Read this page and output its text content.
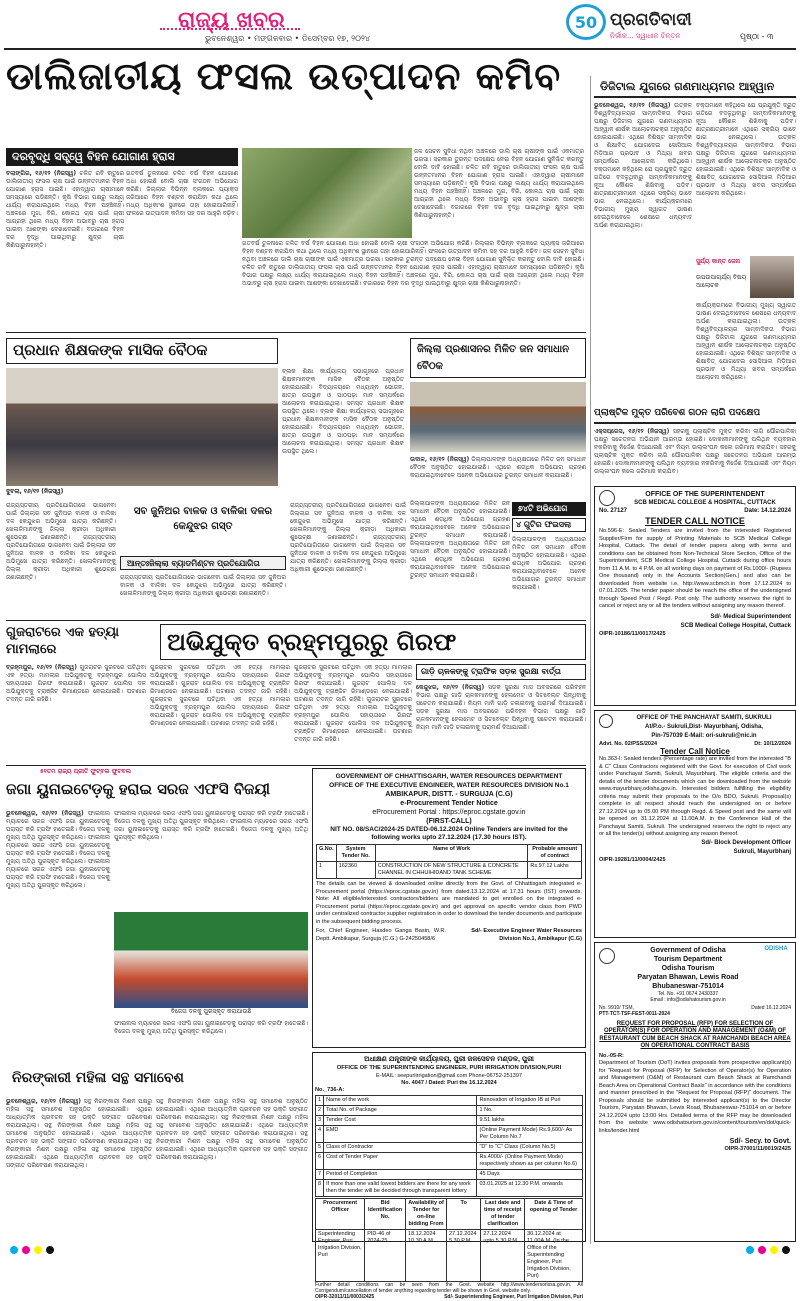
ରାଜ୍ୟ ଖବର
ଭୁବନେଶ୍ୱର • ମଙ୍ଗଳବାର • ଡିସେମ୍ବର ୧୭, ୨୦୨୪
50 ପ୍ରଗତିବାଦୀ
ନିର୍ଭୀକ... ସ୍ୱାଧୀନ ଚିନ୍ତନ	ପୃଷ୍ଠା - ୩
ଡାଲିଜାତୀୟ ଫସଲ ଉତ୍ପାଦନ କମିବ
ଦରବୃଦ୍ଧି ସତ୍ତ୍ୱେ ବିହନ ଯୋଗାଣ ହ୍ରାସ
ବଲାଙ୍ଗିର, ୧୬/୧୨ (ନିଜସ୍ୱ) ଚଳିତ ରବି ଋତୁରେ ଡାଲିଜାତୀୟ ଫସଲ ଚାଷ ପାଇଁ ଉନ୍ନତମାନର ବିହନ ଯୋଗାଣ ହ୍ରାସ ପାଇଛି। ଏହାଦ୍ୱାରା ଚାଷୀମାନେ ସମସ୍ୟାରେ ପଡ଼ିଛନ୍ତି। କୃଷି ବିଭାଗ ପକ୍ଷରୁ ଲକ୍ଷ୍ୟ ଧାର୍ଯ୍ୟ କରାଯାଇଥିଲେ ମଧ୍ୟ ବିହନ ପହଞ୍ଚିନାହିଁ। ଅଞ୍ଚଳରେ ମୁଗ, ବିରି, କୋଳଥ ଚାଷ ପାଇଁ ଚାଷୀ ଆଗ୍ରହୀ ଥିଲେ ମଧ୍ୟ ବିହନ ଅଭାବରୁ ଚାଷ ହ୍ରାସ ପାଇବା ଆଶଙ୍କା ଦେଖାଦେଇଛି। ବଜାରରେ ବିହନ ଦର ବୃଦ୍ଧି ପାଇଥିବାରୁ କ୍ଷୁଦ୍ର ଚାଷୀ କିଣିପାରୁନାହାନ୍ତି।
ଗତବର୍ଷ ତୁଳନାରେ ଚଳିତ ବର୍ଷ ବିହନ ଯୋଗାଣ ଅଧା ହୋଇଛି ବୋଲି ଚାଷୀ ସଂଗଠନ ଅଭିଯୋଗ କରିଛି। ଜିଲ୍ଲାର ବିଭିନ୍ନ ବ୍ଲକରେ ପ୍ୟାକ୍ସ ଜରିଆରେ ବିହନ ବଣ୍ଟନ କରାଯିବା କଥା ଥିଲେ ମଧ୍ୟ ଅଧିକାଂଶ ସ୍ଥାନରେ ତାହା ହୋଇପାରିନାହିଁ। ଫଳରେ ଉତ୍ପାଦନ କମିବା ସହ ଦର ଆହୁରି ବଢ଼ିବ।
ଜଳ ସେଚନ ସୁବିଧା ନଥିବା ଅଞ୍ଚଳରେ ଡାଲି ଚାଷ ଚାଷୀଙ୍କ ପାଇଁ ଏକମାତ୍ର ଭରସା। ସରକାର ତୁରନ୍ତ ପଦକ୍ଷେପ ନେଇ ବିହନ ଯୋଗାଣ ସୁନିଶ୍ଚିତ କରନ୍ତୁ ବୋଲି ଦାବି ହୋଇଛି। ଚଳିତ ରବି ଋତୁରେ ଡାଲିଜାତୀୟ ଫସଲ ଚାଷ ପାଇଁ ଉନ୍ନତମାନର ବିହନ ଯୋଗାଣ ହ୍ରାସ ପାଇଛି। ଏହାଦ୍ୱାରା ଚାଷୀମାନେ ସମସ୍ୟାରେ ପଡ଼ିଛନ୍ତି। କୃଷି ବିଭାଗ ପକ୍ଷରୁ ଲକ୍ଷ୍ୟ ଧାର୍ଯ୍ୟ କରାଯାଇଥିଲେ ମଧ୍ୟ ବିହନ ପହଞ୍ଚିନାହିଁ। ଅଞ୍ଚଳରେ ମୁଗ, ବିରି, କୋଳଥ ଚାଷ ପାଇଁ ଚାଷୀ ଆଗ୍ରହୀ ଥିଲେ ମଧ୍ୟ ବିହନ ଅଭାବରୁ ଚାଷ ହ୍ରାସ ପାଇବା ଆଶଙ୍କା ଦେଖାଦେଇଛି। ବଜାରରେ ବିହନ ଦର ବୃଦ୍ଧି ପାଇଥିବାରୁ କ୍ଷୁଦ୍ର ଚାଷୀ କିଣିପାରୁନାହାନ୍ତି।
ଗତବର୍ଷ ତୁଳନାରେ ଚଳିତ ବର୍ଷ ବିହନ ଯୋଗାଣ ଅଧା ହୋଇଛି ବୋଲି ଚାଷୀ ସଂଗଠନ ଅଭିଯୋଗ କରିଛି। ଜିଲ୍ଲାର ବିଭିନ୍ନ ବ୍ଲକରେ ପ୍ୟାକ୍ସ ଜରିଆରେ ବିହନ ବଣ୍ଟନ କରାଯିବା କଥା ଥିଲେ ମଧ୍ୟ ଅଧିକାଂଶ ସ୍ଥାନରେ ତାହା ହୋଇପାରିନାହିଁ। ଫଳରେ ଉତ୍ପାଦନ କମିବା ସହ ଦର ଆହୁରି ବଢ଼ିବ। ଜଳ ସେଚନ ସୁବିଧା ନଥିବା ଅଞ୍ଚଳରେ ଡାଲି ଚାଷ ଚାଷୀଙ୍କ ପାଇଁ ଏକମାତ୍ର ଭରସା। ସରକାର ତୁରନ୍ତ ପଦକ୍ଷେପ ନେଇ ବିହନ ଯୋଗାଣ ସୁନିଶ୍ଚିତ କରନ୍ତୁ ବୋଲି ଦାବି ହୋଇଛି। ଚଳିତ ରବି ଋତୁରେ ଡାଲିଜାତୀୟ ଫସଲ ଚାଷ ପାଇଁ ଉନ୍ନତମାନର ବିହନ ଯୋଗାଣ ହ୍ରାସ ପାଇଛି। ଏହାଦ୍ୱାରା ଚାଷୀମାନେ ସମସ୍ୟାରେ ପଡ଼ିଛନ୍ତି। କୃଷି ବିଭାଗ ପକ୍ଷରୁ ଲକ୍ଷ୍ୟ ଧାର୍ଯ୍ୟ କରାଯାଇଥିଲେ ମଧ୍ୟ ବିହନ ପହଞ୍ଚିନାହିଁ। ଅଞ୍ଚଳରେ ମୁଗ, ବିରି, କୋଳଥ ଚାଷ ପାଇଁ ଚାଷୀ ଆଗ୍ରହୀ ଥିଲେ ମଧ୍ୟ ବିହନ ଅଭାବରୁ ଚାଷ ହ୍ରାସ ପାଇବା ଆଶଙ୍କା ଦେଖାଦେଇଛି। ବଜାରରେ ବିହନ ଦର ବୃଦ୍ଧି ପାଇଥିବାରୁ କ୍ଷୁଦ୍ର ଚାଷୀ କିଣିପାରୁନାହାନ୍ତି।
ଡିଜିଟାଲ ଯୁଗରେ ଗଣମାଧ୍ୟମର ଆହ୍ୱାନ
ଭୁବନେଶ୍ୱର, ୧୬/୧୨ (ନିଜସ୍ୱ) ଉତ୍କଳ ବିଶ୍ୱବିଦ୍ୟାଳୟର ସାମ୍ବାଦିକତା ବିଭାଗ ପକ୍ଷରୁ ଡିଜିଟାଲ ଯୁଗରେ ଗଣମାଧ୍ୟମର ଆହ୍ୱାନ ଶୀର୍ଷକ ଆଲୋଚନାଚକ୍ର ଅନୁଷ୍ଠିତ ହୋଇଯାଇଛି। ଏଥିରେ ବିଶିଷ୍ଟ ସାମ୍ବାଦିକ ଓ ଶିକ୍ଷାବିତ୍ ଯୋଗଦେଇ ସୋସିଆଲ ମିଡ଼ିଆର ପ୍ରଭାବ ଓ ମିଥ୍ୟା ଖବର ସମ୍ପର୍କରେ ଆଲୋଚନା କରିଥିଲେ। ବକ୍ତାମାନେ କହିଥିଲେ ଯେ ପ୍ରଯୁକ୍ତି ଦ୍ରୁତ ଗତିରେ ବଦଳୁଥିବାରୁ ସାମ୍ବାଦିକମାନଙ୍କୁ ନୂଆ କୌଶଳ ଶିଖିବାକୁ ପଡ଼ିବ। ଛାତ୍ରଛାତ୍ରୀମାନେ ଏଥିରେ ସକ୍ରିୟ ଭାବେ ଭାଗ ନେଇଥିଲେ। କାର୍ଯ୍ୟକ୍ରମରେ ବିଭାଗୀୟ ମୁଖ୍ୟ ସ୍ୱାଗତ ଭାଷଣ ଦେଇଥିବାବେଳେ ଶେଷରେ ଧନ୍ୟବାଦ ଅର୍ପଣ କରାଯାଇଥିଲା।
ବକ୍ତାମାନେ କହିଥିଲେ ଯେ ପ୍ରଯୁକ୍ତି ଦ୍ରୁତ ଗତିରେ ବଦଳୁଥିବାରୁ ସାମ୍ବାଦିକମାନଙ୍କୁ ନୂଆ କୌଶଳ ଶିଖିବାକୁ ପଡ଼ିବ। ଛାତ୍ରଛାତ୍ରୀମାନେ ଏଥିରେ ସକ୍ରିୟ ଭାବେ ଭାଗ ନେଇଥିଲେ।	ଉତ୍କଳ ବିଶ୍ୱବିଦ୍ୟାଳୟର ସାମ୍ବାଦିକତା ବିଭାଗ ପକ୍ଷରୁ ଡିଜିଟାଲ ଯୁଗରେ ଗଣମାଧ୍ୟମର ଆହ୍ୱାନ ଶୀର୍ଷକ ଆଲୋଚନାଚକ୍ର ଅନୁଷ୍ଠିତ ହୋଇଯାଇଛି। ଏଥିରେ ବିଶିଷ୍ଟ ସାମ୍ବାଦିକ ଓ ଶିକ୍ଷାବିତ୍ ଯୋଗଦେଇ ସୋସିଆଲ ମିଡ଼ିଆର ପ୍ରଭାବ ଓ ମିଥ୍ୟା ଖବର ସମ୍ପର୍କରେ ଆଲୋଚନା କରିଥିଲେ।
ସୁର୍ଯ୍ୟ କାନ୍ତ ଜେନା
ଉପଉପାଚାର୍ଯ୍ୟ ବିଷୟ ଆଲୋଚକ
କାର୍ଯ୍ୟକ୍ରମରେ ବିଭାଗୀୟ ମୁଖ୍ୟ ସ୍ୱାଗତ ଭାଷଣ ଦେଇଥିବାବେଳେ ଶେଷରେ ଧନ୍ୟବାଦ ଅର୍ପଣ କରାଯାଇଥିଲା।	ଉତ୍କଳ ବିଶ୍ୱବିଦ୍ୟାଳୟର ସାମ୍ବାଦିକତା ବିଭାଗ ପକ୍ଷରୁ ଡିଜିଟାଲ ଯୁଗରେ ଗଣମାଧ୍ୟମର ଆହ୍ୱାନ ଶୀର୍ଷକ ଆଲୋଚନାଚକ୍ର ଅନୁଷ୍ଠିତ ହୋଇଯାଇଛି। ଏଥିରେ ବିଶିଷ୍ଟ ସାମ୍ବାଦିକ ଓ ଶିକ୍ଷାବିତ୍ ଯୋଗଦେଇ ସୋସିଆଲ ମିଡ଼ିଆର ପ୍ରଭାବ ଓ ମିଥ୍ୟା ଖବର ସମ୍ପର୍କରେ ଆଲୋଚନା କରିଥିଲେ।
ପ୍ରଧାନ ଶିକ୍ଷକଙ୍କ ମାସିକ ବୈଠକ
ଦୁବଲା, ୧୬/୧୨ (ନିଜସ୍ୱ)
ବ୍ଲକ ଶିକ୍ଷା କାର୍ଯ୍ୟାଳୟ ସଭାଗୃହରେ ପ୍ରଧାନ ଶିକ୍ଷକମାନଙ୍କ ମାସିକ ବୈଠକ ଅନୁଷ୍ଠିତ ହୋଇଯାଇଛି। ବିଦ୍ୟାଳୟରେ ମଧ୍ୟାହ୍ନ ଭୋଜନ, ଛାତ୍ର ଉପସ୍ଥାନ ଓ ପାଠପଢ଼ା ମାନ ସମ୍ପର୍କରେ ଆଲୋଚନା କରାଯାଇଥିଲା। ସମସ୍ତ ପ୍ରଧାନ ଶିକ୍ଷକ ଉପସ୍ଥିତ ଥିଲେ। ବ୍ଲକ ଶିକ୍ଷା କାର୍ଯ୍ୟାଳୟ ସଭାଗୃହରେ ପ୍ରଧାନ ଶିକ୍ଷକମାନଙ୍କ ମାସିକ ବୈଠକ ଅନୁଷ୍ଠିତ ହୋଇଯାଇଛି। ବିଦ୍ୟାଳୟରେ ମଧ୍ୟାହ୍ନ ଭୋଜନ, ଛାତ୍ର ଉପସ୍ଥାନ ଓ ପାଠପଢ଼ା ମାନ ସମ୍ପର୍କରେ ଆଲୋଚନା କରାଯାଇଥିଲା। ସମସ୍ତ ପ୍ରଧାନ ଶିକ୍ଷକ ଉପସ୍ଥିତ ଥିଲେ।
ଜିଲ୍ଲା ପ୍ରଶାସନର ମିଳିତ ଜନ ସମାଧାନ ବୈଠକ
ଉଦାଳ, ୧୬/୧୨ (ନିଜସ୍ୱ) ଜିଲ୍ଲାପାଳଙ୍କ ଅଧ୍ୟକ୍ଷତାରେ ମିଳିତ ଜନ ସମାଧାନ ବୈଠକ ଅନୁଷ୍ଠିତ ହୋଇଯାଇଛି। ଏଥିରେ ଶତାଧିକ ଅଭିଯୋଗ ଗ୍ରହଣ କରାଯାଇଥିବାବେଳେ ଅନେକ ଅଭିଯୋଗର ତୁରନ୍ତ ସମାଧାନ କରାଯାଇଛି।
ଜିଲ୍ଲାପାଳଙ୍କ ଅଧ୍ୟକ୍ଷତାରେ ମିଳିତ ଜନ ସମାଧାନ ବୈଠକ ଅନୁଷ୍ଠିତ ହୋଇଯାଇଛି। ଏଥିରେ ଶତାଧିକ ଅଭିଯୋଗ ଗ୍ରହଣ କରାଯାଇଥିବାବେଳେ ଅନେକ ଅଭିଯୋଗର ତୁରନ୍ତ ସମାଧାନ କରାଯାଇଛି। ଜିଲ୍ଲାପାଳଙ୍କ ଅଧ୍ୟକ୍ଷତାରେ ମିଳିତ ଜନ ସମାଧାନ ବୈଠକ ଅନୁଷ୍ଠିତ ହୋଇଯାଇଛି। ଏଥିରେ ଶତାଧିକ ଅଭିଯୋଗ ଗ୍ରହଣ କରାଯାଇଥିବାବେଳେ ଅନେକ ଅଭିଯୋଗର ତୁରନ୍ତ ସମାଧାନ କରାଯାଇଛି।
୭୪ଟି ଅଭିଯୋଗ
୪ ଗୁଟିର ଫଇସଲା
ଜିଲ୍ଲାପାଳଙ୍କ ଅଧ୍ୟକ୍ଷତାରେ ମିଳିତ ଜନ ସମାଧାନ ବୈଠକ ଅନୁଷ୍ଠିତ ହୋଇଯାଇଛି। ଏଥିରେ ଶତାଧିକ ଅଭିଯୋଗ ଗ୍ରହଣ କରାଯାଇଥିବାବେଳେ ଅନେକ ଅଭିଯୋଗର ତୁରନ୍ତ ସମାଧାନ କରାଯାଇଛି।
ରାଜ୍ୟସ୍ତରୀୟ ପ୍ରତିଯୋଗିତାରେ ଭାଗନେବା ପାଇଁ ଜିଲ୍ଲାର ସବ ଜୁନିଅର ବାଳକ ଓ ବାଳିକା ଦଳ କେନ୍ଦୁଝର ଅଭିମୁଖେ ଯାତ୍ରା କରିଛନ୍ତି। ଖେଳାଳିମାନଙ୍କୁ ଜିଲ୍ଲା କ୍ରୀଡ଼ା ଅଧିକାରୀ ଶୁଭେଚ୍ଛା ଜଣାଇଛନ୍ତି। ରାଜ୍ୟସ୍ତରୀୟ ପ୍ରତିଯୋଗିତାରେ ଭାଗନେବା ପାଇଁ ଜିଲ୍ଲାର ସବ ଜୁନିଅର ବାଳକ ଓ ବାଳିକା ଦଳ କେନ୍ଦୁଝର ଅଭିମୁଖେ ଯାତ୍ରା କରିଛନ୍ତି। ଖେଳାଳିମାନଙ୍କୁ ଜିଲ୍ଲା କ୍ରୀଡ଼ା ଅଧିକାରୀ ଶୁଭେଚ୍ଛା ଜଣାଇଛନ୍ତି।
ସବ ଜୁନିଅର ବାଳକ ଓ ବାଳିକା ଦଳର କେନ୍ଦୁଝର ଗସ୍ତ
ଆନ୍ତଃଜିଲ୍ଲା ବ୍ୟାଡମିଣ୍ଟନ ପ୍ରତିଯୋଗିତା
ରାଜ୍ୟସ୍ତରୀୟ ପ୍ରତିଯୋଗିତାରେ ଭାଗନେବା ପାଇଁ ଜିଲ୍ଲାର ସବ ଜୁନିଅର ବାଳକ ଓ ବାଳିକା ଦଳ କେନ୍ଦୁଝର ଅଭିମୁଖେ ଯାତ୍ରା କରିଛନ୍ତି। ଖେଳାଳିମାନଙ୍କୁ ଜିଲ୍ଲା କ୍ରୀଡ଼ା ଅଧିକାରୀ ଶୁଭେଚ୍ଛା ଜଣାଇଛନ୍ତି।
ରାଜ୍ୟସ୍ତରୀୟ ପ୍ରତିଯୋଗିତାରେ ଭାଗନେବା ପାଇଁ ଜିଲ୍ଲାର ସବ ଜୁନିଅର ବାଳକ ଓ ବାଳିକା ଦଳ କେନ୍ଦୁଝର ଅଭିମୁଖେ ଯାତ୍ରା କରିଛନ୍ତି। ଖେଳାଳିମାନଙ୍କୁ ଜିଲ୍ଲା କ୍ରୀଡ଼ା ଅଧିକାରୀ ଶୁଭେଚ୍ଛା ଜଣାଇଛନ୍ତି।	ରାଜ୍ୟସ୍ତରୀୟ ପ୍ରତିଯୋଗିତାରେ ଭାଗନେବା ପାଇଁ ଜିଲ୍ଲାର ସବ ଜୁନିଅର ବାଳକ ଓ ବାଳିକା ଦଳ କେନ୍ଦୁଝର ଅଭିମୁଖେ ଯାତ୍ରା କରିଛନ୍ତି। ଖେଳାଳିମାନଙ୍କୁ ଜିଲ୍ଲା କ୍ରୀଡ଼ା ଅଧିକାରୀ ଶୁଭେଚ୍ଛା ଜଣାଇଛନ୍ତି।
ଗୁଜରାଟରେ ଏକ ହତ୍ୟା ମାମଲାରେ	ଅଭିଯୁକ୍ତ ବ୍ରହ୍ମପୁରରୁ ଗିରଫ
ବ୍ରହ୍ମପୁର, ୧୬/୧୨ (ନିଜସ୍ୱ) ଗୁଜରାଟର ସୁରଟରେ ଘଟିଥିବା ଏକ ହତ୍ୟା ମାମଲାର ଅଭିଯୁକ୍ତକୁ ବ୍ରହ୍ମପୁର ପୋଲିସ ସହାୟତାରେ ଗିରଫ କରାଯାଇଛି। ଗୁଜରାଟ ପୋଲିସ ଦଳ ଅଭିଯୁକ୍ତକୁ ଟ୍ରାଞ୍ଜିଟ ରିମାଣ୍ଡରେ ନେଇଯାଇଛି। ଘଟଣାର ତଦନ୍ତ ଜାରି ରହିଛି।
ଗୁଜରାଟର ସୁରଟରେ ଘଟିଥିବା ଏକ ହତ୍ୟା ମାମଲାର ଅଭିଯୁକ୍ତକୁ ବ୍ରହ୍ମପୁର ପୋଲିସ ସହାୟତାରେ ଗିରଫ କରାଯାଇଛି। ଗୁଜରାଟ ପୋଲିସ ଦଳ ଅଭିଯୁକ୍ତକୁ ଟ୍ରାଞ୍ଜିଟ ରିମାଣ୍ଡରେ ନେଇଯାଇଛି। ଘଟଣାର ତଦନ୍ତ ଜାରି ରହିଛି। ଗୁଜରାଟର ସୁରଟରେ ଘଟିଥିବା ଏକ ହତ୍ୟା ମାମଲାର ଅଭିଯୁକ୍ତକୁ ବ୍ରହ୍ମପୁର ପୋଲିସ ସହାୟତାରେ ଗିରଫ କରାଯାଇଛି। ଗୁଜରାଟ ପୋଲିସ ଦଳ ଅଭିଯୁକ୍ତକୁ ଟ୍ରାଞ୍ଜିଟ ରିମାଣ୍ଡରେ ନେଇଯାଇଛି। ଘଟଣାର ତଦନ୍ତ ଜାରି ରହିଛି।
ଗୁଜରାଟର ସୁରଟରେ ଘଟିଥିବା ଏକ ହତ୍ୟା ମାମଲାର ଅଭିଯୁକ୍ତକୁ ବ୍ରହ୍ମପୁର ପୋଲିସ ସହାୟତାରେ ଗିରଫ କରାଯାଇଛି। ଗୁଜରାଟ ପୋଲିସ ଦଳ ଅଭିଯୁକ୍ତକୁ ଟ୍ରାଞ୍ଜିଟ ରିମାଣ୍ଡରେ ନେଇଯାଇଛି। ଘଟଣାର ତଦନ୍ତ ଜାରି ରହିଛି। ଗୁଜରାଟର ସୁରଟରେ ଘଟିଥିବା ଏକ ହତ୍ୟା ମାମଲାର ଅଭିଯୁକ୍ତକୁ ବ୍ରହ୍ମପୁର ପୋଲିସ ସହାୟତାରେ ଗିରଫ କରାଯାଇଛି। ଗୁଜରାଟ ପୋଲିସ ଦଳ ଅଭିଯୁକ୍ତକୁ ଟ୍ରାଞ୍ଜିଟ ରିମାଣ୍ଡରେ ନେଇଯାଇଛି। ଘଟଣାର ତଦନ୍ତ ଜାରି ରହିଛି।
ଗାଡ଼ି ଚାଳକଙ୍କୁ ଟ୍ରାଫିକ ସଡ଼କ ସୁରକ୍ଷା ବାର୍ତ୍ତା
କେନ୍ଦୁଝର, ୧୬/୧୨ (ନିଜସ୍ୱ) ସଡ଼କ ସୁରକ୍ଷା ମାସ ଅବସରରେ ପରିବହନ ବିଭାଗ ପକ୍ଷରୁ ଗାଡ଼ି ଚାଳକମାନଙ୍କୁ ହେଲମେଟ ଓ ସିଟବେଲ୍ଟ ପିନ୍ଧିବାକୁ ସଚେତନ କରାଯାଇଛି। ନିୟମ ମାନି ଗାଡ଼ି ଚଳାଇବାକୁ ପରାମର୍ଶ ଦିଆଯାଇଛି। ସଡ଼କ ସୁରକ୍ଷା ମାସ ଅବସରରେ ପରିବହନ ବିଭାଗ ପକ୍ଷରୁ ଗାଡ଼ି ଚାଳକମାନଙ୍କୁ ହେଲମେଟ ଓ ସିଟବେଲ୍ଟ ପିନ୍ଧିବାକୁ ସଚେତନ କରାଯାଇଛି। ନିୟମ ମାନି ଗାଡ଼ି ଚଳାଇବାକୁ ପରାମର୍ଶ ଦିଆଯାଇଛି।
୫୧ତମ ରାଜ୍ୟ ପ୍ରୀତି ଫୁଟ୍‌ବଲ ଫୁଟବଲ
ଜଗା ୟୁନାଇଟେଡ଼କୁ ହରାଇ ସରଜ ଏଫସି ବିଜୟୀ
ଭୁବନେଶ୍ୱର, ୧୬/୧୨ (ନିଜସ୍ୱ) ଫାଇନାଲ ମ୍ୟାଚରେ ସରଜ ଏଫସି ଜଗା ୟୁନାଇଟେଡ଼କୁ ପରାସ୍ତ କରି ଟ୍ରଫି ହାତେଇଛି। ବିଜେତା ଦଳକୁ ମୁଖ୍ୟ ଅତିଥି ପୁରସ୍କୃତ କରିଥିଲେ। ଫାଇନାଲ ମ୍ୟାଚରେ ସରଜ ଏଫସି ଜଗା ୟୁନାଇଟେଡ଼କୁ ପରାସ୍ତ କରି ଟ୍ରଫି ହାତେଇଛି। ବିଜେତା ଦଳକୁ ମୁଖ୍ୟ ଅତିଥି ପୁରସ୍କୃତ କରିଥିଲେ। ଫାଇନାଲ ମ୍ୟାଚରେ ସରଜ ଏଫସି ଜଗା ୟୁନାଇଟେଡ଼କୁ ପରାସ୍ତ କରି ଟ୍ରଫି ହାତେଇଛି। ବିଜେତା ଦଳକୁ ମୁଖ୍ୟ ଅତିଥି ପୁରସ୍କୃତ କରିଥିଲେ।
ଫାଇନାଲ ମ୍ୟାଚରେ ସରଜ ଏଫସି ଜଗା ୟୁନାଇଟେଡ଼କୁ ପରାସ୍ତ କରି ଟ୍ରଫି ହାତେଇଛି। ବିଜେତା ଦଳକୁ ମୁଖ୍ୟ ଅତିଥି ପୁରସ୍କୃତ କରିଥିଲେ। ଫାଇନାଲ ମ୍ୟାଚରେ ସରଜ ଏଫସି ଜଗା ୟୁନାଇଟେଡ଼କୁ ପରାସ୍ତ କରି ଟ୍ରଫି ହାତେଇଛି। ବିଜେତା ଦଳକୁ ମୁଖ୍ୟ ଅତିଥି ପୁରସ୍କୃତ କରିଥିଲେ।
ବିଜେତା ଦଳକୁ ପୁରସ୍କୃତ କରାଯାଉଛି
ନିରଙ୍କାରୀ ମହିଳା ସନ୍ଥ ସମାବେଶ
ଭୁବନେଶ୍ୱର, ୧୬/୧୨ (ନିଜସ୍ୱ) ସନ୍ଥ ନିରଙ୍କାରୀ ମିଶନ ପକ୍ଷରୁ ମହିଳା ସନ୍ଥ ସମାବେଶ ଅନୁଷ୍ଠିତ ହୋଇଯାଇଛି। ଏଥିରେ ଆଧ୍ୟାତ୍ମିକ ପ୍ରବଚନ ସହ ଭକ୍ତି ସଙ୍ଗୀତ ପରିବେଷଣ କରାଯାଇଥିଲା। ସନ୍ଥ ନିରଙ୍କାରୀ ମିଶନ ପକ୍ଷରୁ ମହିଳା ସନ୍ଥ ସମାବେଶ ଅନୁଷ୍ଠିତ ହୋଇଯାଇଛି। ଏଥିରେ ଆଧ୍ୟାତ୍ମିକ ପ୍ରବଚନ ସହ ଭକ୍ତି ସଙ୍ଗୀତ ପରିବେଷଣ କରାଯାଇଥିଲା। ସନ୍ଥ ନିରଙ୍କାରୀ ମିଶନ ପକ୍ଷରୁ ମହିଳା ସନ୍ଥ ସମାବେଶ ଅନୁଷ୍ଠିତ ହୋଇଯାଇଛି। ଏଥିରେ ଆଧ୍ୟାତ୍ମିକ ପ୍ରବଚନ ସହ ଭକ୍ତି ସଙ୍ଗୀତ ପରିବେଷଣ କରାଯାଇଥିଲା।
ସନ୍ଥ ନିରଙ୍କାରୀ ମିଶନ ପକ୍ଷରୁ ମହିଳା ସନ୍ଥ ସମାବେଶ ଅନୁଷ୍ଠିତ ହୋଇଯାଇଛି। ଏଥିରେ ଆଧ୍ୟାତ୍ମିକ ପ୍ରବଚନ ସହ ଭକ୍ତି ସଙ୍ଗୀତ ପରିବେଷଣ କରାଯାଇଥିଲା। ସନ୍ଥ ନିରଙ୍କାରୀ ମିଶନ ପକ୍ଷରୁ ମହିଳା ସନ୍ଥ ସମାବେଶ ଅନୁଷ୍ଠିତ ହୋଇଯାଇଛି। ଏଥିରେ ଆଧ୍ୟାତ୍ମିକ ପ୍ରବଚନ ସହ ଭକ୍ତି ସଙ୍ଗୀତ ପରିବେଷଣ କରାଯାଇଥିଲା। ସନ୍ଥ ନିରଙ୍କାରୀ ମିଶନ ପକ୍ଷରୁ ମହିଳା ସନ୍ଥ ସମାବେଶ ଅନୁଷ୍ଠିତ ହୋଇଯାଇଛି। ଏଥିରେ ଆଧ୍ୟାତ୍ମିକ ପ୍ରବଚନ ସହ ଭକ୍ତି ସଙ୍ଗୀତ ପରିବେଷଣ କରାଯାଇଥିଲା।
ଫାଇନାଲ ମ୍ୟାଚରେ ସରଜ ଏଫସି ଜଗା ୟୁନାଇଟେଡ଼କୁ ପରାସ୍ତ କରି ଟ୍ରଫି ହାତେଇଛି। ବିଜେତା ଦଳକୁ ମୁଖ୍ୟ ଅତିଥି ପୁରସ୍କୃତ କରିଥିଲେ।
GOVERNMENT OF CHHATTISGARH, WATER RESOURCES DEPARTMENT
OFFICE OF THE EXECUTIVE ENGINEER, WATER RESOURCES DIVISION No.1
AMBIKAPUR, DISTT. - SURGUJA (C.G)
e-Procurement Tender Notice
eProcurement Portal : https://eproc.cgstate.gov.in
(FIRST-CALL)
NIT NO. 08/SAC/2024-25 DATED-06.12.2024 Online Tenders are invited for the following works upto 27.12.2024 (17.30 hours IST).
G.No.	System Tender No.	Name of Work	Probable amount of contract
1	162360	CONSTRUCTION OF NEW STRUCTURE & CONCRETE CHANNEL IN CHHUIHIDAND TANK SCHEME	Rs.97.12 Lakhs
The details can be viewed & downloaded online directly from the Govt. of Chhattisgarh integrated e-Procurement portal (https://eproc.cgstate.gov.in) from dated.13.12.2024 at 17.31 hours (IST) onwards. Note: All eligible/interested contractors/bidders are mandated to get enrolled on the integrated e-Procurement portal (https://eproc.cgstate.gov.in) and get approval on specific vendor class from PWD under centralized contractor supplier registration in order to download the tender documents and participate in the subsequent bidding process.
For, Chief Engineer, Hasdeo Ganga Basin, W.R. Deptt. Ambikapur, Surguja (C.G.) G-24250458/6
Sd/- Executive Engineer Water Resources Division No.1, Ambikapur (C.G)
ଅଧୀକ୍ଷଣ ଯନ୍ତ୍ରୀଙ୍କ କାର୍ଯ୍ୟାଳୟ, ପୁରୀ ଜଳସେଚନ ମଣ୍ଡଳ, ପୁରୀ
OFFICE OF THE SUPERINTENDING ENGINEER, PURI IRRIGATION DIVISION,PURI
E-MAIL: seepuriirrigation@gmail.com Phone-06752-251397
No. 4047 / Dated: Puri the 16.12.2024
No._736-A:
1	Name of the work	Renovation of Irrigation IB at Puri
2	Total No. of Package	1 No.
3	Tender Cost	9.51 lakhs
4	EMD	(Online Payment Mode) Rs.9,600/- As Per Column No.7
5	Class of Contractor	"D" to "C" Class (Column No.5)
6	Cost of Tender Paper	Rs.4000/- (Online Payment Mode) respectively shown as per column No.6)
7	Period of Completion	45 Days
8	If more than one valid lowest bidders are there for any work then the tender will be decided through transparent lottery	03.01.2025 at 12.30 P.M. onwards
Procurement Officer	Bid Identification No.	Availability of Tender for on-line bidding From	To	Last date and time of receipt of tender clarification	Date & Time of opening of Tender
Superintending Engineer, Puri Irrigation Division, Puri	PID-46 of 2024-25	18.12.2024 10.30 A.M.	27.12.2024 5.30 P.M.	27.12.2024 upto 5.30 P.M.	30.12.2024 at 11.00A.M. (In the Office of the Superintending Engineer, Puri Irrigation Division, Puri)
Further detail conditions can be seen from the Govt. website http://www.tendersorissa.gov.in. All Corrigendum/cancellation of tender anything regarding tender will be shown in Govt. website only.
OIPR-32011/11/0003/2425	Sd/- Superintending Engineer, Puri Irrigation Division, Puri
ପ୍ଲାଷ୍ଟିକ ମୁକ୍ତ ପରିବେଶ ଗଠନ ଲାଗି ପଦକ୍ଷେପ
ଏକ୍ସପ୍ରେସ, ୧୬/୧୨ (ନିଜସ୍ୱ) ସହରକୁ ପ୍ଲାଷ୍ଟିକ ମୁକ୍ତ କରିବା ଲାଗି ପୌରପାଳିକା ପକ୍ଷରୁ ସଚେତନତା ଅଭିଯାନ ଆରମ୍ଭ ହୋଇଛି। ଦୋକାନୀମାନଙ୍କୁ ପଲିଥିନ ବ୍ୟବହାର ନକରିବାକୁ ନିର୍ଦ୍ଦେଶ ଦିଆଯାଇଛି ଏବଂ ନିୟମ ଉଲ୍ଲଂଘନ କଲେ ଜରିମାନା କରାଯିବ। ସହରକୁ ପ୍ଲାଷ୍ଟିକ ମୁକ୍ତ କରିବା ଲାଗି ପୌରପାଳିକା ପକ୍ଷରୁ ସଚେତନତା ଅଭିଯାନ ଆରମ୍ଭ ହୋଇଛି। ଦୋକାନୀମାନଙ୍କୁ ପଲିଥିନ ବ୍ୟବହାର ନକରିବାକୁ ନିର୍ଦ୍ଦେଶ ଦିଆଯାଇଛି ଏବଂ ନିୟମ ଉଲ୍ଲଂଘନ କଲେ ଜରିମାନା କରାଯିବ।
OFFICE OF THE SUPERINTENDENT
SCB MEDICAL COLLEGE & HOSPITAL, CUTTACK
No. 27127	Date: 14.12.2024
TENDER CALL NOTICE
No.596-E: Sealed Tenders are invited from the interested Registered Supplier/Firm for supply of Printing Materials to SCB Medical College Hospital, Cuttack. The detail of tender papers along with terms and conditions can be obtained from Non-Technical Store Section, Office of the Superintendent, SCB Medical College Hospital, Cuttack during office hours from 11 A.M. to 4 P.M. on all working days on payment of Rs.1000/- (Rupees One thousand) only in the Accounts Section(Gen.) and also can be downloaded from website i.e. http://www.scbmch.in from 17.12.2024 to 07.01.2025. The tender paper should be reach the office of the undersigned through Speed Post / Regd. Post only. The authority reserves the right to cancel or reject any or all the tenders without assigning any reason thereof.
Sd/- Medical Superintendent
SCB Medical College Hospital, Cuttack
OIPR-10186/11/0017/2425
OFFICE OF THE PANCHAYAT SAMITI, SUKRULI
At/P.o.- Sukruli,Dist- Mayurbhanj, Odisha,
Pin-757039 E-Mail: ori-sukruli@nic.in
Advt. No. 02/PSS/2024	Dt: 10/12/2024
Tender Call Notice
No.363-I: Sealed tenders (Percentage rate) are invited from the interested "B & C" Class Contractors registered with the Govt. for execution of Civil work under Panchayat Samiti, Sukruli, Mayurbhanj. The eligible criteria and the details of the tender documents which can be downloaded from the website www.mayurbhanj.odisha.gov.in. Interested bidders fulfilling the eligibility criteria may submit their proposals to the O/o BDO, Sukruli. Proposal(s) complete in all respect should reach the undersigned on or before 27.12.2024 up to 05.00 PM through Regd. & Speed post and the same will be opened on 31.12.2024 at 11.00A.M. in the Conference Hall of the Panchayat Samiti, Sukruli. The undersigned reserves the right to reject any or all the tender(s) without assigning any reason thereof.
Sd/- Block Development Officer
Sukruli, Mayurbhanj
OIPR-19281/11/0004/2425
Government of Odisha
Tourism Department
Odisha Tourism
Paryatan Bhawan, Lewis Road
Bhubaneswar-751014
Tel. No. +91 0674 2430337
Email : info@odishatourism.gov.in
ODISHA
No. 9910/ TSM,	Dated 16.12.2024
PTT-TCT-TSF-FEST-0011-2024
REQUEST FOR PROPOSAL (RFP) FOR SELECTION OF OPERATOR(S) FOR OPERATION AND MANAGEMENT (O&M) OF RESTAURANT CUM BEACH SHACK AT RAMCHANDI BEACH AREA ON OPERATIONAL CONTRACT BASIS
No.-05-R:
Department of Tourism (DoT) invites proposals from prospective applicant(s) for "Request for Proposal (RFP) for Selection of Operator(s) for Operation and Management (O&M) of Restaurant cum Beach Shack at Ramchandi Beach Area on Operational Contract Basis" in accordance with the conditions and manner prescribed in the "Request for Proposal (RFP)" document. The Proposals should be submitted by interested applicant(s) to the Director Tourism, Paryatan Bhawan, Lewis Road, Bhubaneswar-751014 on or before 24.12.2024 upto 13:00 Hrs. Detailed terms of the RFP may be downloaded from the website www.odishatourism.gov.in/content/tourism/en/dot/quick-links/tender.html
Sd/- Secy. to Govt.
OIPR-37001/11/0019/2425
